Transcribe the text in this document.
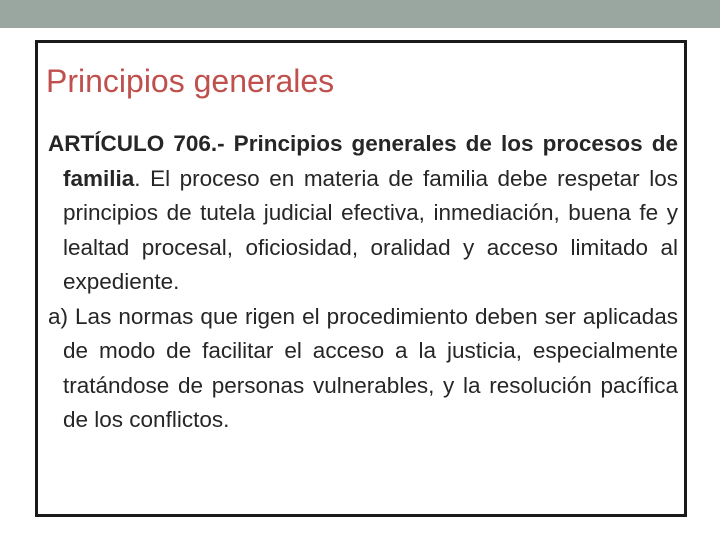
Principios generales

ARTÍCULO 706.- Principios generales de los procesos de familia. El proceso en materia de familia debe respetar los principios de tutela judicial efectiva, inmediación, buena fe y lealtad procesal, oficiosidad, oralidad y acceso limitado al expediente.

a) Las normas que rigen el procedimiento deben ser aplicadas de modo de facilitar el acceso a la justicia, especialmente tratándose de personas vulnerables, y la resolución pacífica de los conflictos.
